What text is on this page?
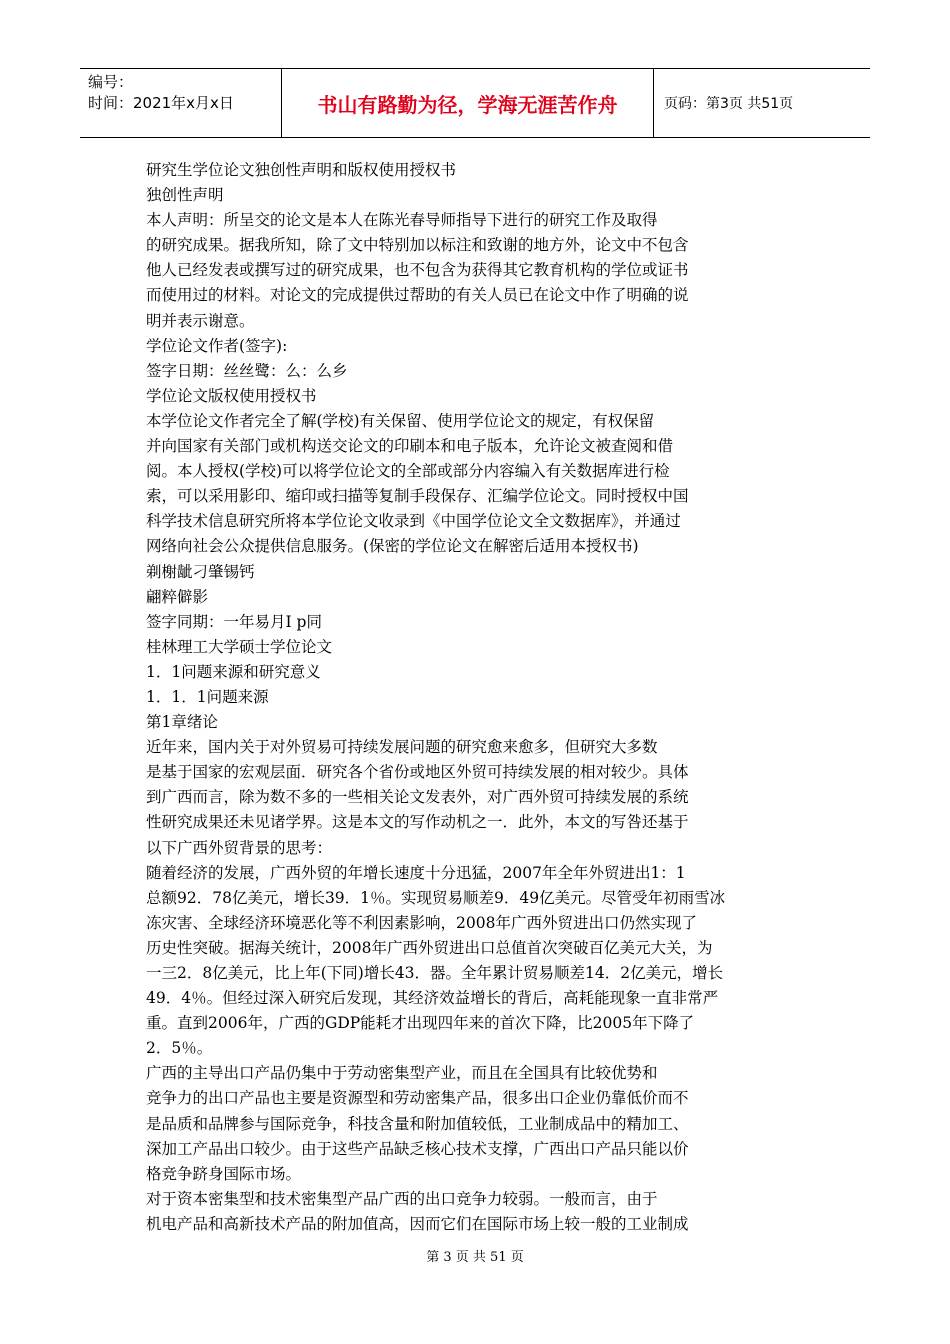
编号：
时间：2021年x月x日	书山有路勤为径，学海无涯苦作舟	页码：第3页 共51页

研究生学位论文独创性声明和版权使用授权书

独创性声明

本人声明：所呈交的论文是本人在陈光春导师指导下进行的研究工作及取得

的研究成果。据我所知，除了文中特别加以标注和致谢的地方外，论文中不包含

他人已经发表或撰写过的研究成果，也不包含为获得其它教育机构的学位或证书

而使用过的材料。对论文的完成提供过帮助的有关人员已在论文中作了明确的说

明并表示谢意。

学位论文作者(签字):

签字日期：丝丝鹭：么：么乡

学位论文版权使用授权书

本学位论文作者完全了解(学校)有关保留、使用学位论文的规定，有权保留

并向国家有关部门或机构送交论文的印刷本和电子版本，允许论文被查阅和借

阅。本人授权(学校)可以将学位论文的全部或部分内容编入有关数据库进行检

索，可以采用影印、缩印或扫描等复制手段保存、汇编学位论文。同时授权中国

科学技术信息研究所将本学位论文收录到《中国学位论文全文数据库》，并通过

网络向社会公众提供信息服务。(保密的学位论文在解密后适用本授权书)

剃榭龇刁肇锡钙

翩粹僻影

签字同期：一年易月I p同

桂林理工大学硕士学位论文

1．1问题来源和研究意义

1．1．1问题来源

第1章绪论

近年来，国内关于对外贸易可持续发展问题的研究愈来愈多，但研究大多数

是基于国家的宏观层面．研究各个省份或地区外贸可持续发展的相对较少。具体

到广西而言，除为数不多的一些相关论文发表外，对广西外贸可持续发展的系统

性研究成果还未见诸学界。这是本文的写作动机之一．此外，本文的写咎还基于

以下广西外贸背景的思考：

随着经济的发展，广西外贸的年增长速度十分迅猛，2007年全年外贸进出1：1

总额92．78亿美元，增长39．1％。实现贸易顺差9．49亿美元。尽管受年初雨雪冰

冻灾害、全球经济环境恶化等不利因素影响，2008年广西外贸进出口仍然实现了

历史性突破。据海关统计，2008年广西外贸进出口总值首次突破百亿美元大关，为

一三2．8亿美元，比上年(下同)增长43．器。全年累计贸易顺差14．2亿美元，增长

49．4％。但经过深入研究后发现，其经济效益增长的背后，高耗能现象一直非常严

重。直到2006年，广西的GDP能耗才出现四年来的首次下降，比2005年下降了

2．5％。

广西的主导出口产品仍集中于劳动密集型产业，而且在全国具有比较优势和

竞争力的出口产品也主要是资源型和劳动密集产品，很多出口企业仍靠低价而不

是品质和品牌参与国际竞争，科技含量和附加值较低，工业制成品中的精加工、

深加工产品出口较少。由于这些产品缺乏核心技术支撑，广西出口产品只能以价

格竞争跻身国际市场。

对于资本密集型和技术密集型产品广西的出口竞争力较弱。一般而言，由于

机电产品和高新技术产品的附加值高，因而它们在国际市场上较一般的工业制成

第 3 页 共 51 页
